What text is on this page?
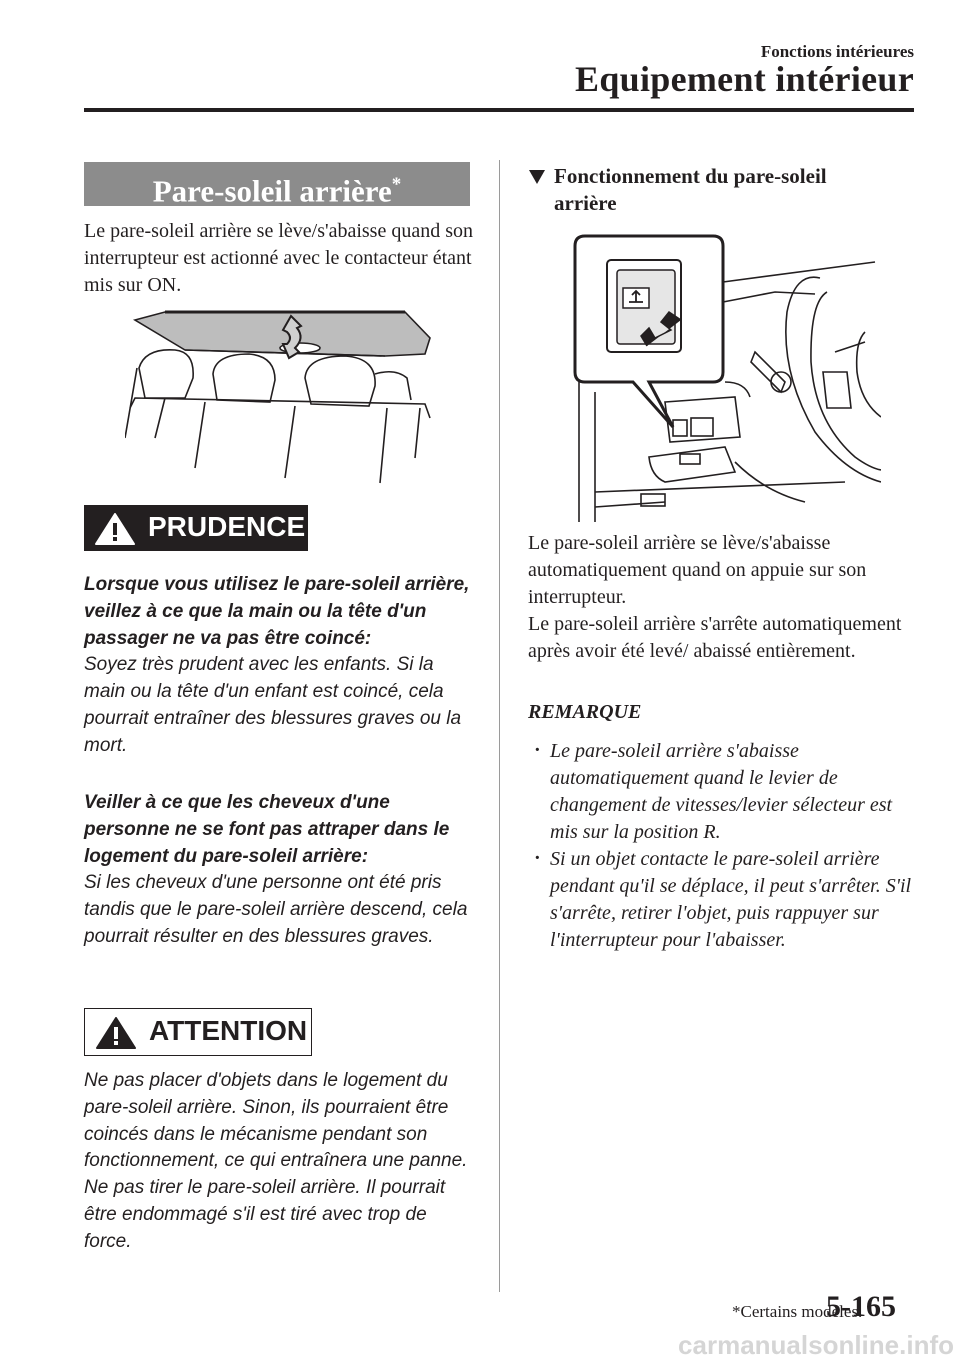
Fonctions intérieures
Equipement intérieur
Pare-soleil arrière*
Le pare-soleil arrière se lève/s'abaisse quand son interrupteur est actionné avec le contacteur étant mis sur ON.
PRUDENCE
Lorsque vous utilisez le pare-soleil arrière, veillez à ce que la main ou la tête d'un passager ne va pas être coincé:
Soyez très prudent avec les enfants. Si la main ou la tête d'un enfant est coincé, cela pourrait entraîner des blessures graves ou la mort.
Veiller à ce que les cheveux d'une personne ne se font pas attraper dans le logement du pare-soleil arrière:
Si les cheveux d'une personne ont été pris tandis que le pare-soleil arrière descend, cela pourrait résulter en des blessures graves.
ATTENTION
Ne pas placer d'objets dans le logement du pare-soleil arrière. Sinon, ils pourraient être coincés dans le mécanisme pendant son fonctionnement, ce qui entraînera une panne.
Ne pas tirer le pare-soleil arrière. Il pourrait être endommagé s'il est tiré avec trop de force.
Fonctionnement du pare-soleil arrière
Le pare-soleil arrière se lève/s'abaisse automatiquement quand on appuie sur son interrupteur.
Le pare-soleil arrière s'arrête automatiquement après avoir été levé/ abaissé entièrement.
REMARQUE
· Le pare-soleil arrière s'abaisse automatiquement quand le levier de changement de vitesses/levier sélecteur est mis sur la position R.
· Si un objet contacte le pare-soleil arrière pendant qu'il se déplace, il peut s'arrêter. S'il s'arrête, retirer l'objet, puis rappuyer sur l'interrupteur pour l'abaisser.
*Certains modèles.
5-165
carmanualsonline.info
